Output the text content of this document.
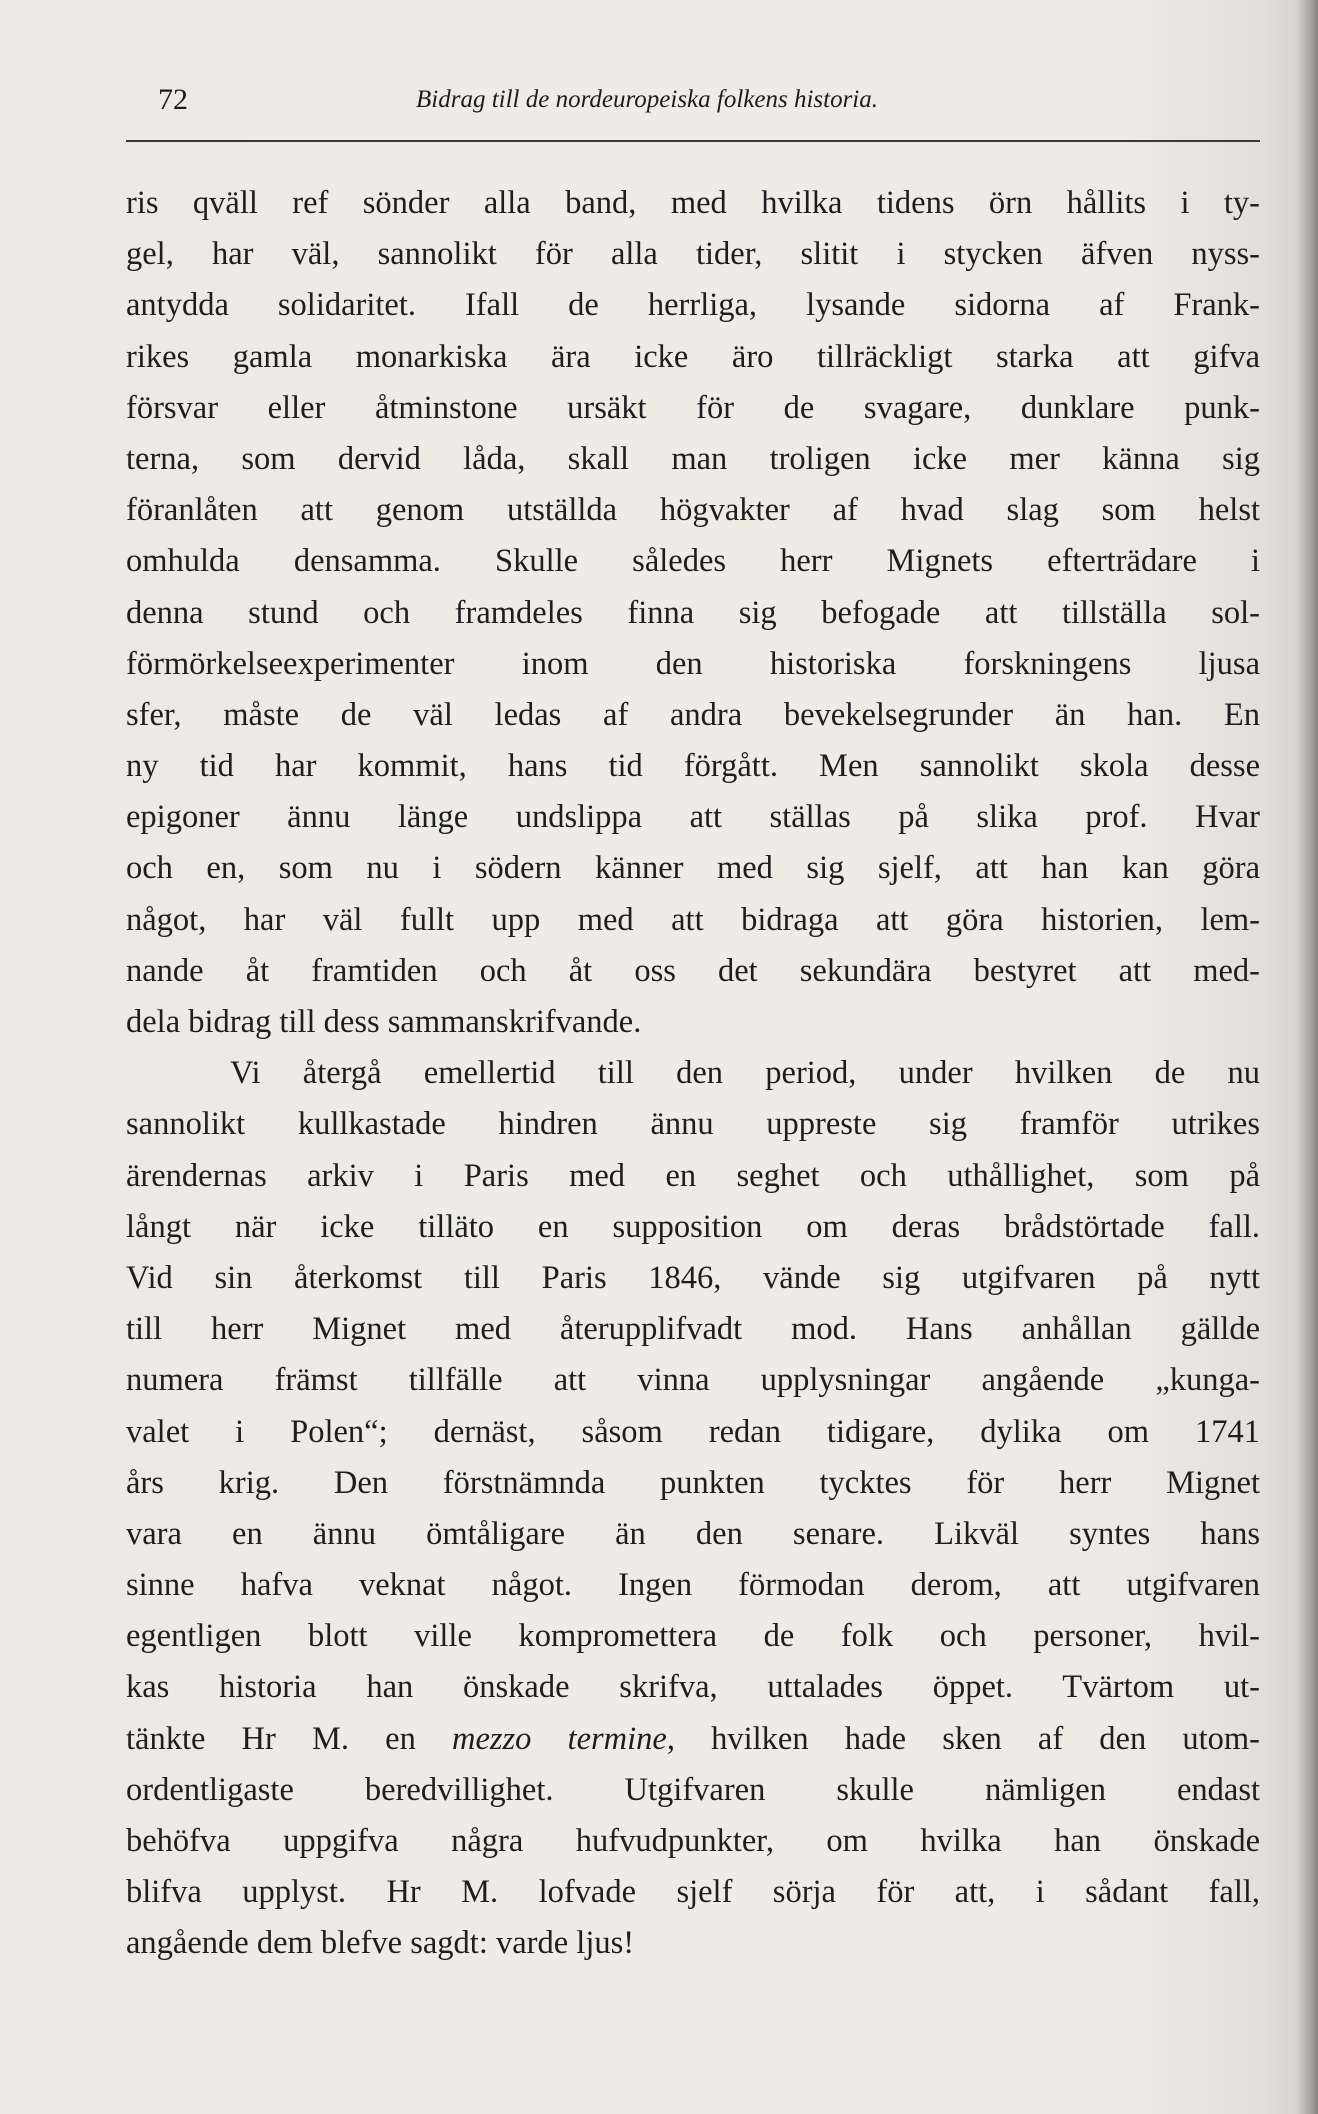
72	Bidrag till de nordeuropeiska folkens historia.
ris qväll ref sönder alla band, med hvilka tidens örn hållits i ty-
gel, har väl, sannolikt för alla tider, slitit i stycken äfven nyss-
antydda solidaritet. Ifall de herrliga, lysande sidorna af Frank-
rikes gamla monarkiska ära icke äro tillräckligt starka att gifva
försvar eller åtminstone ursäkt för de svagare, dunklare punk-
terna, som dervid låda, skall man troligen icke mer känna sig
föranlåten att genom utställda högvakter af hvad slag som helst
omhulda densamma. Skulle således herr Mignets efterträdare i
denna stund och framdeles finna sig befogade att tillställa sol-
förmörkelseexperimenter inom den historiska forskningens ljusa
sfer, måste de väl ledas af andra bevekelsegrunder än han. En
ny tid har kommit, hans tid förgått. Men sannolikt skola desse
epigoner ännu länge undslippa att ställas på slika prof. Hvar
och en, som nu i södern känner med sig sjelf, att han kan göra
något, har väl fullt upp med att bidraga att göra historien, lem-
nande åt framtiden och åt oss det sekundära bestyret att med-
dela bidrag till dess sammanskrifvande.
Vi återgå emellertid till den period, under hvilken de nu
sannolikt kullkastade hindren ännu uppreste sig framför utrikes
ärendernas arkiv i Paris med en seghet och uthållighet, som på
långt när icke tilläto en supposition om deras brådstörtade fall.
Vid sin återkomst till Paris 1846, vände sig utgifvaren på nytt
till herr Mignet med återupplifvadt mod. Hans anhållan gällde
numera främst tillfälle att vinna upplysningar angående „kunga-
valet i Polen“; dernäst, såsom redan tidigare, dylika om 1741
års krig. Den förstnämnda punkten tycktes för herr Mignet
vara en ännu ömtåligare än den senare. Likväl syntes hans
sinne hafva veknat något. Ingen förmodan derom, att utgifvaren
egentligen blott ville kompromettera de folk och personer, hvil-
kas historia han önskade skrifva, uttalades öppet. Tvärtom ut-
tänkte Hr M. en mezzo termine, hvilken hade sken af den utom-
ordentligaste beredvillighet. Utgifvaren skulle nämligen endast
behöfva uppgifva några hufvudpunkter, om hvilka han önskade
blifva upplyst. Hr M. lofvade sjelf sörja för att, i sådant fall,
angående dem blefve sagdt: varde ljus!
